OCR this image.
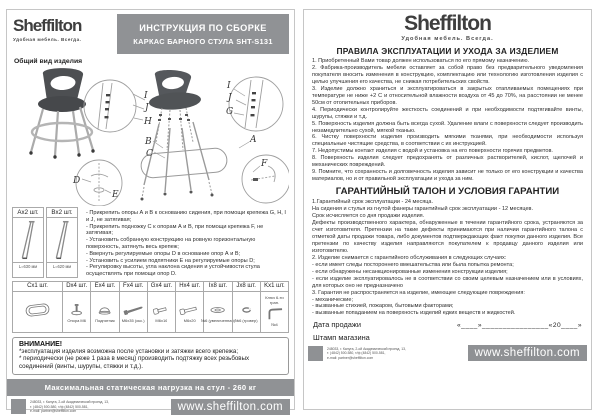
Sheffilton
Удобная мебель. Всегда.
ИНСТРУКЦИЯ ПО СБОРКЕ
КАРКАС БАРНОГО СТУЛА SHT-S131
Общий вид изделия
I
J
H
B
C
D
E
I
J
G
A
F
Ax2 шт.
L=630 мм
Bx2 шт.
L=620 мм
- Прикрепить опоры А и В к основанию сидения, при помощи крепежа G, H, I и J, не затягивая;
- Прикрепить подножку С к опорам А и В, при помощи крепежа F, не затягивая;
- Установить собранную конструкцию на ровную горизонтальную поверхность, затянуть весь крепеж;
- Ввернуть регулируемые опоры D в основание опор А и В;
- Установить с усилием подпятники Е на регулируемые опоры D;
- Регулировку высоты, угла наклона сидения и устойчивости стула осуществлять при помощи опор D.
Cx1 шт.	Dx4 шт.
Опора М6
Ex4 шт.
Подпятник
Fx4 шт.
М6х35 (окс.)
Gx4 шт.
М6х16
Hx4 шт.
М6х20
Ix8 шт.
№6 (увеличенная)
Jx8 шт.
№6 (гровер)
Kx1 шт.
Ключ 6-ти гран.
№4
ВНИМАНИЕ!
*эксплуатация изделия возможна после установки и затяжки всего крепежа;
* периодически (не реже 1 раза в месяц) производить подтяжку всех резьбовых соединений (винты, шурупы, стяжки и т.д.).
Максимальная статическая нагрузка на стул - 260 кг
248033, г. Калуга, 2-ой Академический проезд, 13,
т. (4842) 500-580, т/ф (4842) 500-581,
e-mail: partner@sheffilton.com	www.sheffilton.com
Sheffilton
Удобная мебель. Всегда.
ПРАВИЛА ЭКСПЛУАТАЦИИ И УХОДА ЗА ИЗДЕЛИЕМ
1. Приобретенный Вами товар должен использоваться по его прямому назначению.
2. Фабрика-производитель мебели оставляет за собой право без предварительного уведомления покупателя вносить изменения в конструкцию, комплектацию или технологию изготовления изделия с целью улучшения его качества, не снижая потребительских свойств.
3. Изделие должно храниться и эксплуатироваться в закрытых отапливаемых помещениях при температуре не ниже +2 С и относительной влажности воздуха от 45 до 70%, на расстоянии не менее 50см от отопительных приборов.
4. Периодически контролируйте жесткость соединений и при необходимости подтягивайте винты, шурупы, стяжки и т.д.
5. Поверхность изделия должна быть всегда сухой. Удаление влаги с поверхности следует производить незамедлительно сухой, мягкой тканью.
6. Чистку поверхности изделия производить мягкими тканями, при необходимости используя специальные чистящие средства, в соответствии с их инструкцией.
7. Недопустимы контакт изделия с водой и установка на его поверхности горячих предметов.
8. Поверхность изделия следует предохранять от различных растворителей, кислот, щелочей и механических повреждений.
9. Помните, что сохранность и долговечность изделия зависит не только от его конструкции и качества материалов, но и от правильной эксплуатации и ухода за ним.
ГАРАНТИЙНЫЙ ТАЛОН И УСЛОВИЯ ГАРАНТИИ
1.Гарантийный срок эксплуатации - 24 месяца.
На сидения и стулья из гнутой фанеры гарантийный срок эксплуатации - 12 месяцев.
Срок исчисляется со дня продажи изделия.
Дефекты производственного характера, обнаруженные в течении гарантийного срока, устраняются за счет изготовителя. Претензии на такие дефекты принимаются при наличии гарантийного талона с отметкой даты продажи товара, либо документов подтверждающих факт покупки данного изделия. Все претензии по качеству изделия направляются покупателем к продавцу данного изделия или изготовителю.
2. Изделие снимается с гарантийного обслуживания в следующих случаях:
- если имеет следы постороннего вмешательства или была попытка ремонта;
- если обнаружены несанкционированные изменения конструкции изделия;
- если изделие эксплуатировалось не в соответствии со своим целевым назначением или в условиях, для которых оно не предназначено
3. Гарантия не распространяется на изделие, имеющее следующие повреждения:
- механические;
- вызванные стихией, пожаром, бытовыми факторами;
- вызванные попаданием на поверхность изделий едких веществ и жидкостей.
Дата продажи	«____»________________«20____»
Штамп магазина
248033, г. Калуга, 2-ой Академический проезд, 13,
т. (4842) 500-580, т/ф (4842) 500-581,
e-mail: partner@sheffilton.com	www.sheffilton.com
